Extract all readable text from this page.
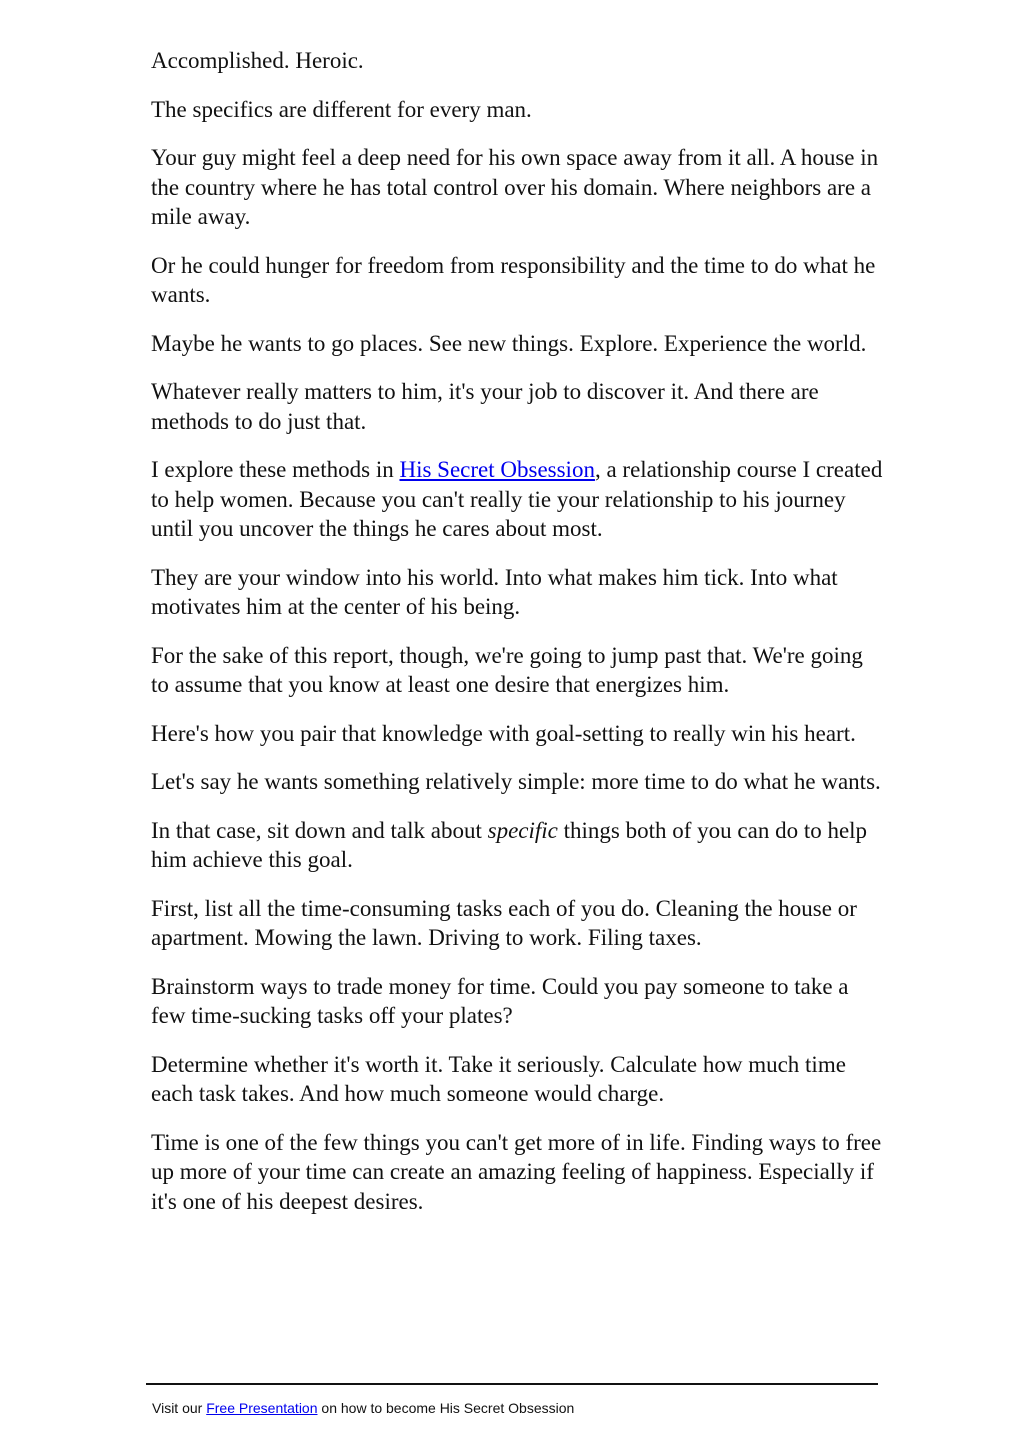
Accomplished. Heroic.

The specifics are different for every man.

Your guy might feel a deep need for his own space away from it all. A house in the country where he has total control over his domain. Where neighbors are a mile away.

Or he could hunger for freedom from responsibility and the time to do what he wants.

Maybe he wants to go places. See new things. Explore. Experience the world.

Whatever really matters to him, it's your job to discover it. And there are methods to do just that.

I explore these methods in His Secret Obsession, a relationship course I created to help women. Because you can't really tie your relationship to his journey until you uncover the things he cares about most.

They are your window into his world. Into what makes him tick. Into what motivates him at the center of his being.

For the sake of this report, though, we're going to jump past that. We're going to assume that you know at least one desire that energizes him.

Here's how you pair that knowledge with goal-setting to really win his heart.

Let's say he wants something relatively simple: more time to do what he wants.

In that case, sit down and talk about specific things both of you can do to help him achieve this goal.

First, list all the time-consuming tasks each of you do. Cleaning the house or apartment. Mowing the lawn. Driving to work. Filing taxes.

Brainstorm ways to trade money for time. Could you pay someone to take a few time-sucking tasks off your plates?

Determine whether it's worth it. Take it seriously. Calculate how much time each task takes. And how much someone would charge.

Time is one of the few things you can't get more of in life. Finding ways to free up more of your time can create an amazing feeling of happiness. Especially if it's one of his deepest desires.

Visit our Free Presentation on how to become His Secret Obsession
